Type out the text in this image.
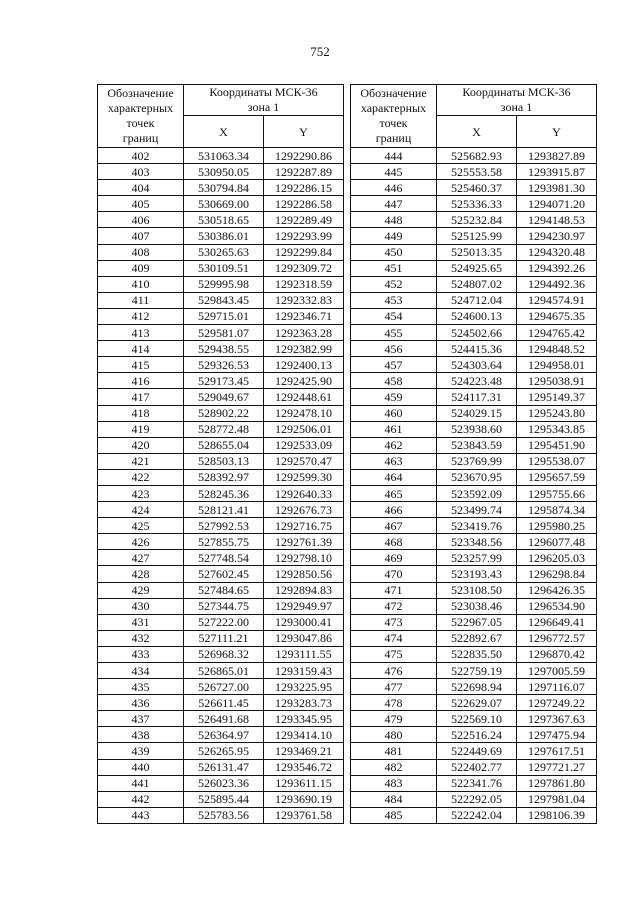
752
Обозначение
характерных
точек
границ	Координаты МСК-36
зона 1	

	X	Y
402	531063.34	1292290.86
403	530950.05	1292287.89
404	530794.84	1292286.15
405	530669.00	1292286.58
406	530518.65	1292289.49
407	530386.01	1292293.99
408	530265.63	1292299.84
409	530109.51	1292309.72
410	529995.98	1292318.59
411	529843.45	1292332.83
412	529715.01	1292346.71
413	529581.07	1292363.28
414	529438.55	1292382.99
415	529326.53	1292400.13
416	529173.45	1292425.90
417	529049.67	1292448.61
418	528902.22	1292478.10
419	528772.48	1292506.01
420	528655.04	1292533.09
421	528503.13	1292570.47
422	528392.97	1292599.30
423	528245.36	1292640.33
424	528121.41	1292676.73
425	527992.53	1292716.75
426	527855.75	1292761.39
427	527748.54	1292798.10
428	527602.45	1292850.56
429	527484.65	1292894.83
430	527344.75	1292949.97
431	527222.00	1293000.41
432	527111.21	1293047.86
433	526968.32	1293111.55
434	526865.01	1293159.43
435	526727.00	1293225.95
436	526611.45	1293283.73
437	526491.68	1293345.95
438	526364.97	1293414.10
439	526265.95	1293469.21
440	526131.47	1293546.72
441	526023.36	1293611.15
442	525895.44	1293690.19
443	525783.56	1293761.58
Обозначение
характерных
точек
границ	Координаты МСК-36
зона 1	

	X	Y
444	525682.93	1293827.89
445	525553.58	1293915.87
446	525460.37	1293981.30
447	525336.33	1294071.20
448	525232.84	1294148.53
449	525125.99	1294230.97
450	525013.35	1294320.48
451	524925.65	1294392.26
452	524807.02	1294492.36
453	524712.04	1294574.91
454	524600.13	1294675.35
455	524502.66	1294765.42
456	524415.36	1294848.52
457	524303.64	1294958.01
458	524223.48	1295038.91
459	524117.31	1295149.37
460	524029.15	1295243.80
461	523938.60	1295343.85
462	523843.59	1295451.90
463	523769.99	1295538.07
464	523670.95	1295657.59
465	523592.09	1295755.66
466	523499.74	1295874.34
467	523419.76	1295980.25
468	523348.56	1296077.48
469	523257.99	1296205.03
470	523193.43	1296298.84
471	523108.50	1296426.35
472	523038.46	1296534.90
473	522967.05	1296649.41
474	522892.67	1296772.57
475	522835.50	1296870.42
476	522759.19	1297005.59
477	522698.94	1297116.07
478	522629.07	1297249.22
479	522569.10	1297367.63
480	522516.24	1297475.94
481	522449.69	1297617.51
482	522402.77	1297721.27
483	522341.76	1297861.80
484	522292.05	1297981.04
485	522242.04	1298106.39
